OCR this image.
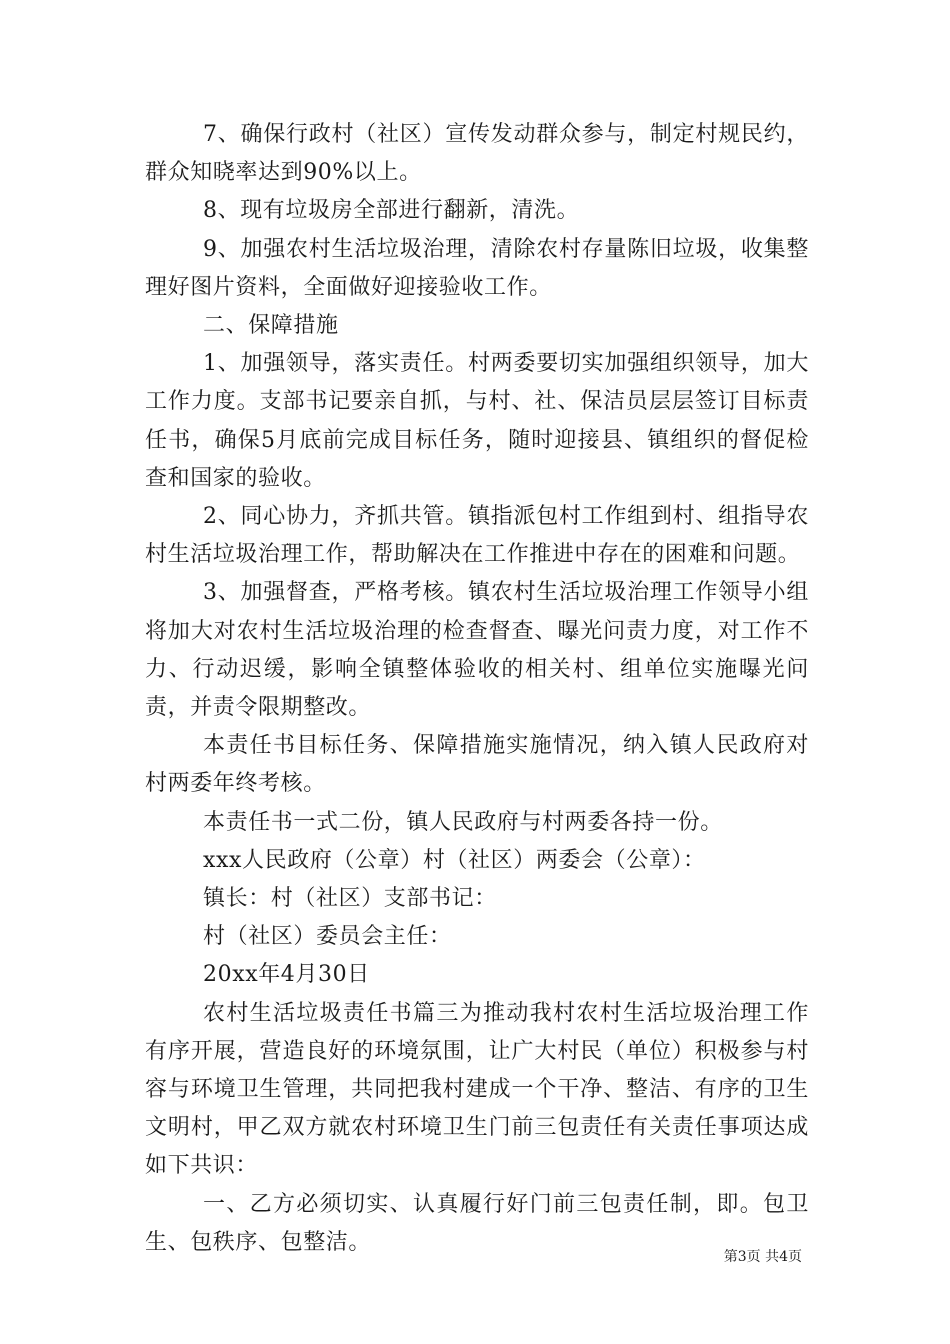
7、确保行政村（社区）宣传发动群众参与，制定村规民约，群众知晓率达到90%以上。

8、现有垃圾房全部进行翻新，清洗。

9、加强农村生活垃圾治理，清除农村存量陈旧垃圾，收集整理好图片资料，全面做好迎接验收工作。

二、保障措施

1、加强领导，落实责任。村两委要切实加强组织领导，加大工作力度。支部书记要亲自抓，与村、社、保洁员层层签订目标责任书，确保5月底前完成目标任务，随时迎接县、镇组织的督促检查和国家的验收。

2、同心协力，齐抓共管。镇指派包村工作组到村、组指导农村生活垃圾治理工作，帮助解决在工作推进中存在的困难和问题。

3、加强督查，严格考核。镇农村生活垃圾治理工作领导小组将加大对农村生活垃圾治理的检查督查、曝光问责力度，对工作不力、行动迟缓，影响全镇整体验收的相关村、组单位实施曝光问责，并责令限期整改。

本责任书目标任务、保障措施实施情况，纳入镇人民政府对村两委年终考核。

本责任书一式二份，镇人民政府与村两委各持一份。

xxx人民政府（公章）村（社区）两委会（公章）：

镇长：村（社区）支部书记：

村（社区）委员会主任：

20xx年4月30日

农村生活垃圾责任书篇三为推动我村农村生活垃圾治理工作有序开展，营造良好的环境氛围，让广大村民（单位）积极参与村容与环境卫生管理，共同把我村建成一个干净、整洁、有序的卫生文明村，甲乙双方就农村环境卫生门前三包责任有关责任事项达成如下共识：

一、乙方必须切实、认真履行好门前三包责任制，即。包卫生、包秩序、包整洁。

第3页 共4页
